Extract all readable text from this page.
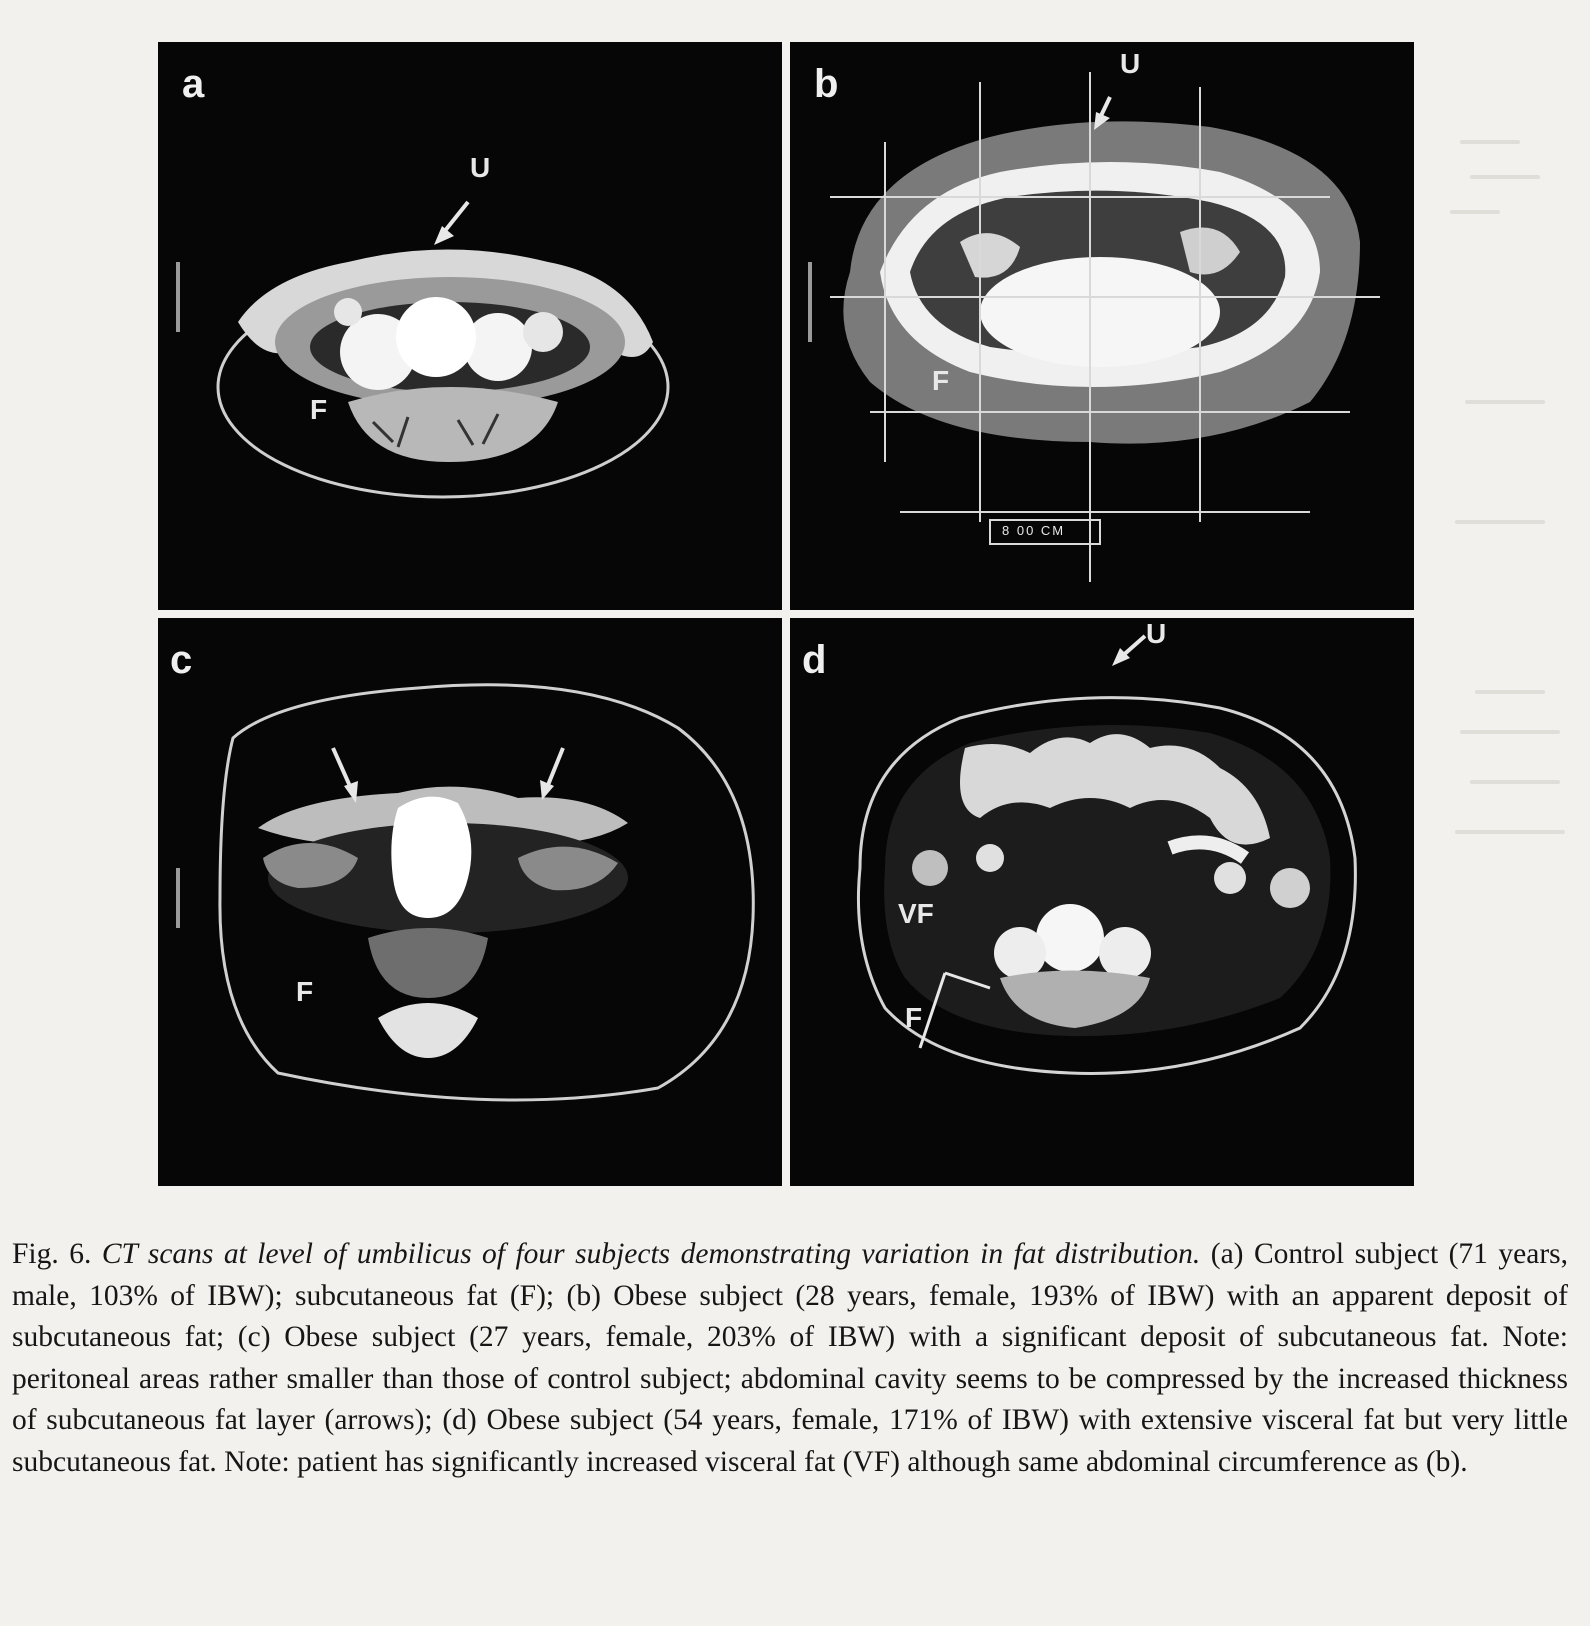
a
U
F
b	U
F
8 00 CM
c
F
d
U
VF
F

Fig. 6. CT scans at level of umbilicus of four subjects demonstrating variation in fat distribution. (a) Control subject (71 years, male, 103% of IBW); subcutaneous fat (F); (b) Obese subject (28 years, female, 193% of IBW) with an apparent deposit of subcutaneous fat; (c) Obese subject (27 years, female, 203% of IBW) with a significant deposit of subcutaneous fat. Note: peritoneal areas rather smaller than those of control subject; abdominal cavity seems to be compressed by the increased thickness of subcutaneous fat layer (arrows); (d) Obese subject (54 years, female, 171% of IBW) with extensive visceral fat but very little subcutaneous fat. Note: patient has significantly increased visceral fat (VF) although same abdominal circumference as (b).
